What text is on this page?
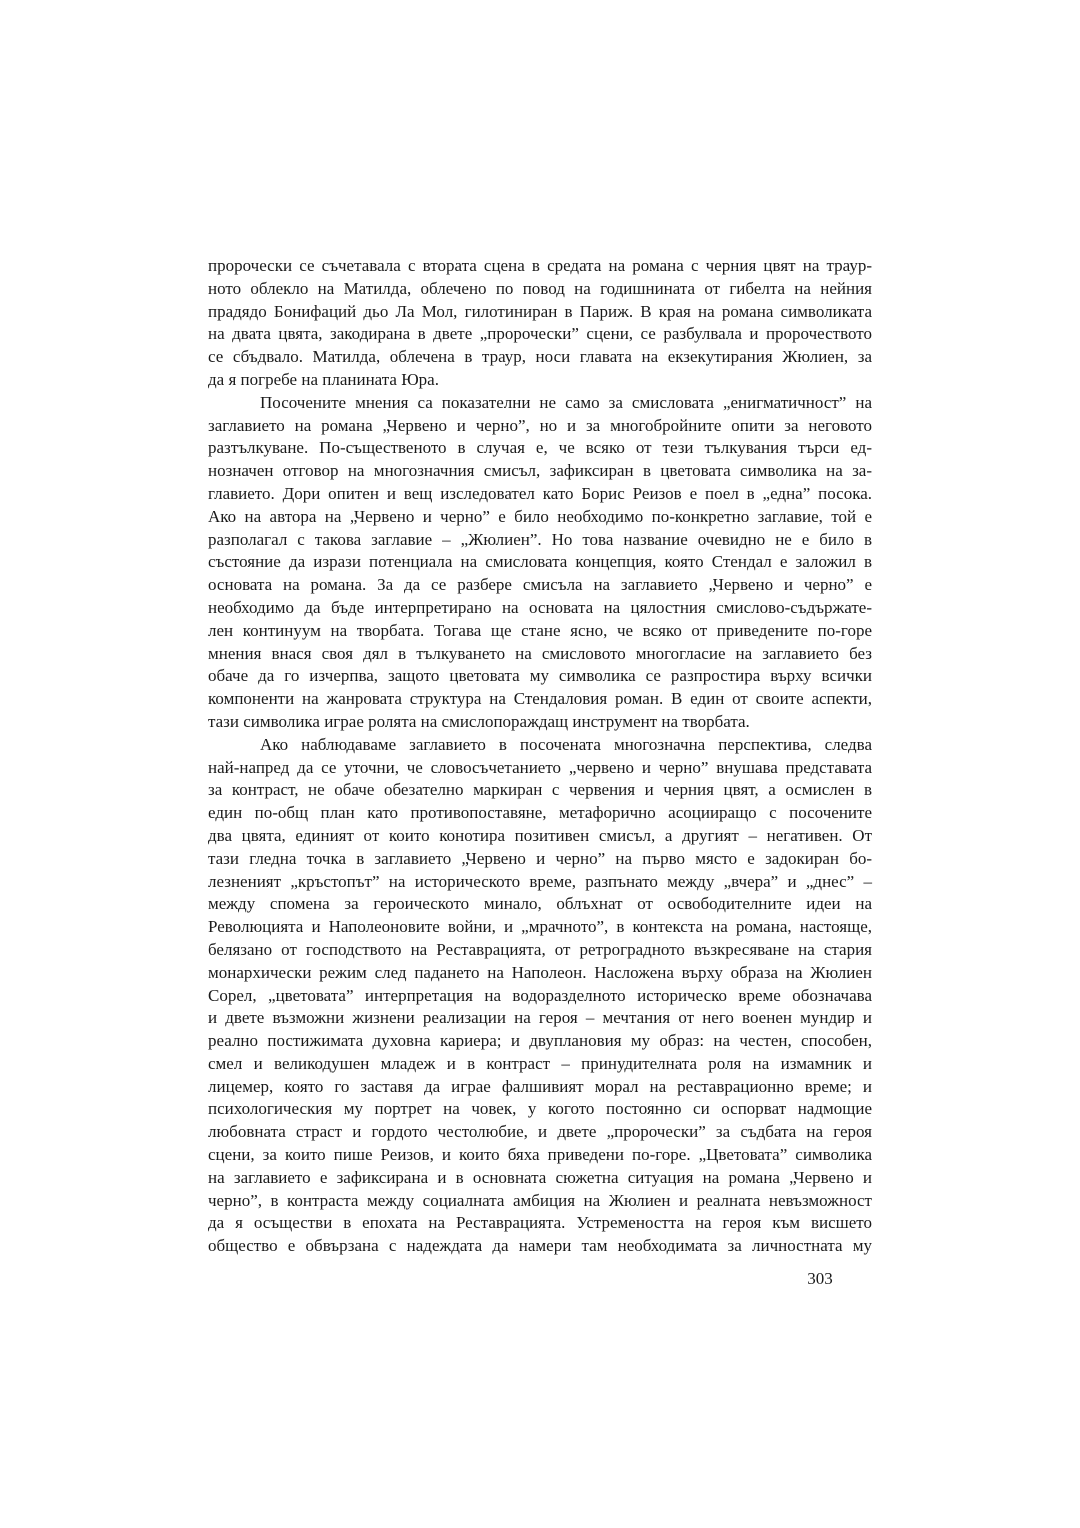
пророчески се съчетавала с втората сцена в средата на романа с черния цвят на траур-
ното облекло на Матилда, облечено по повод на годишнината от гибелта на нейния
прадядо Бонифаций дьо Ла Мол, гилотиниран в Париж. В края на романа символиката
на двата цвята, закодирана в двете „пророчески” сцени, се разбулвала и пророчеството
се сбъдвало. Матилда, облечена в траур, носи главата на екзекутирания Жюлиен, за
да я погребе на планината Юра.
Посочените мнения са показателни не само за смисловата „енигматичност” на
заглавието на романа „Червено и черно”, но и за многобройните опити за неговото
разтълкуване. По-същественото в случая е, че всяко от тези тълкувания търси ед-
нозначен отговор на многозначния смисъл, зафиксиран в цветовата символика на за-
главието. Дори опитен и вещ изследовател като Борис Реизов е поел в „една” посока.
Ако на автора на „Червено и черно” е било необходимо по-конкретно заглавие, той е
разполагал с такова заглавие – „Жюлиен”. Но това название очевидно не е било в
състояние да изрази потенциала на смисловата концепция, която Стендал е заложил в
основата на романа. За да се разбере смисъла на заглавието „Червено и черно” е
необходимо да бъде интерпретирано на основата на цялостния смислово-съдържате-
лен континуум на творбата. Тогава ще стане ясно, че всяко от приведените по-горе
мнения внася своя дял в тълкуването на смисловото многогласие на заглавието без
обаче да го изчерпва, защото цветовата му символика се разпростира върху всички
компоненти на жанровата структура на Стендаловия роман. В един от своите аспекти,
тази символика играе ролята на смислопораждащ инструмент на творбата.
Ако наблюдаваме заглавието в посочената многозначна перспектива, следва
най-напред да се уточни, че словосъчетанието „червено и черно” внушава представата
за контраст, не обаче обезателно маркиран с червения и черния цвят, а осмислен в
един по-общ план като противопоставяне, метафорично асоцииращо с посочените
два цвята, единият от които конотира позитивен смисъл, а другият – негативен. От
тази гледна точка в заглавието „Червено и черно” на първо място е задокиран бо-
лезненият „кръстопът” на историческото време, разпънато между „вчера” и „днес” –
между спомена за героическото минало, облъхнат от освободителните идеи на
Революцията и Наполеоновите войни, и „мрачното”, в контекста на романа, настояще,
белязано от господството на Реставрацията, от ретроградното възкресяване на стария
монархически режим след падането на Наполеон. Насложена върху образа на Жюлиен
Сорел, „цветовата” интерпретация на водоразделното историческо време обозначава
и двете възможни жизнени реализации на героя – мечтания от него военен мундир и
реално постижимата духовна кариера; и двуплановия му образ: на честен, способен,
смел и великодушен младеж и в контраст – принудителната роля на измамник и
лицемер, която го заставя да играе фалшивият морал на реставрационно време; и
психологическия му портрет на човек, у когото постоянно си оспорват надмощие
любовната страст и гордото честолюбие, и двете „пророчески” за съдбата на героя
сцени, за които пише Реизов, и които бяха приведени по-горе. „Цветовата” символика
на заглавието е зафиксирана и в основната сюжетна ситуация на романа „Червено и
черно”, в контраста между социалната амбиция на Жюлиен и реалната невъзможност
да я осъществи в епохата на Реставрацията. Устремеността на героя към висшето
общество е обвързана с надеждата да намери там необходимата за личностната му
303
